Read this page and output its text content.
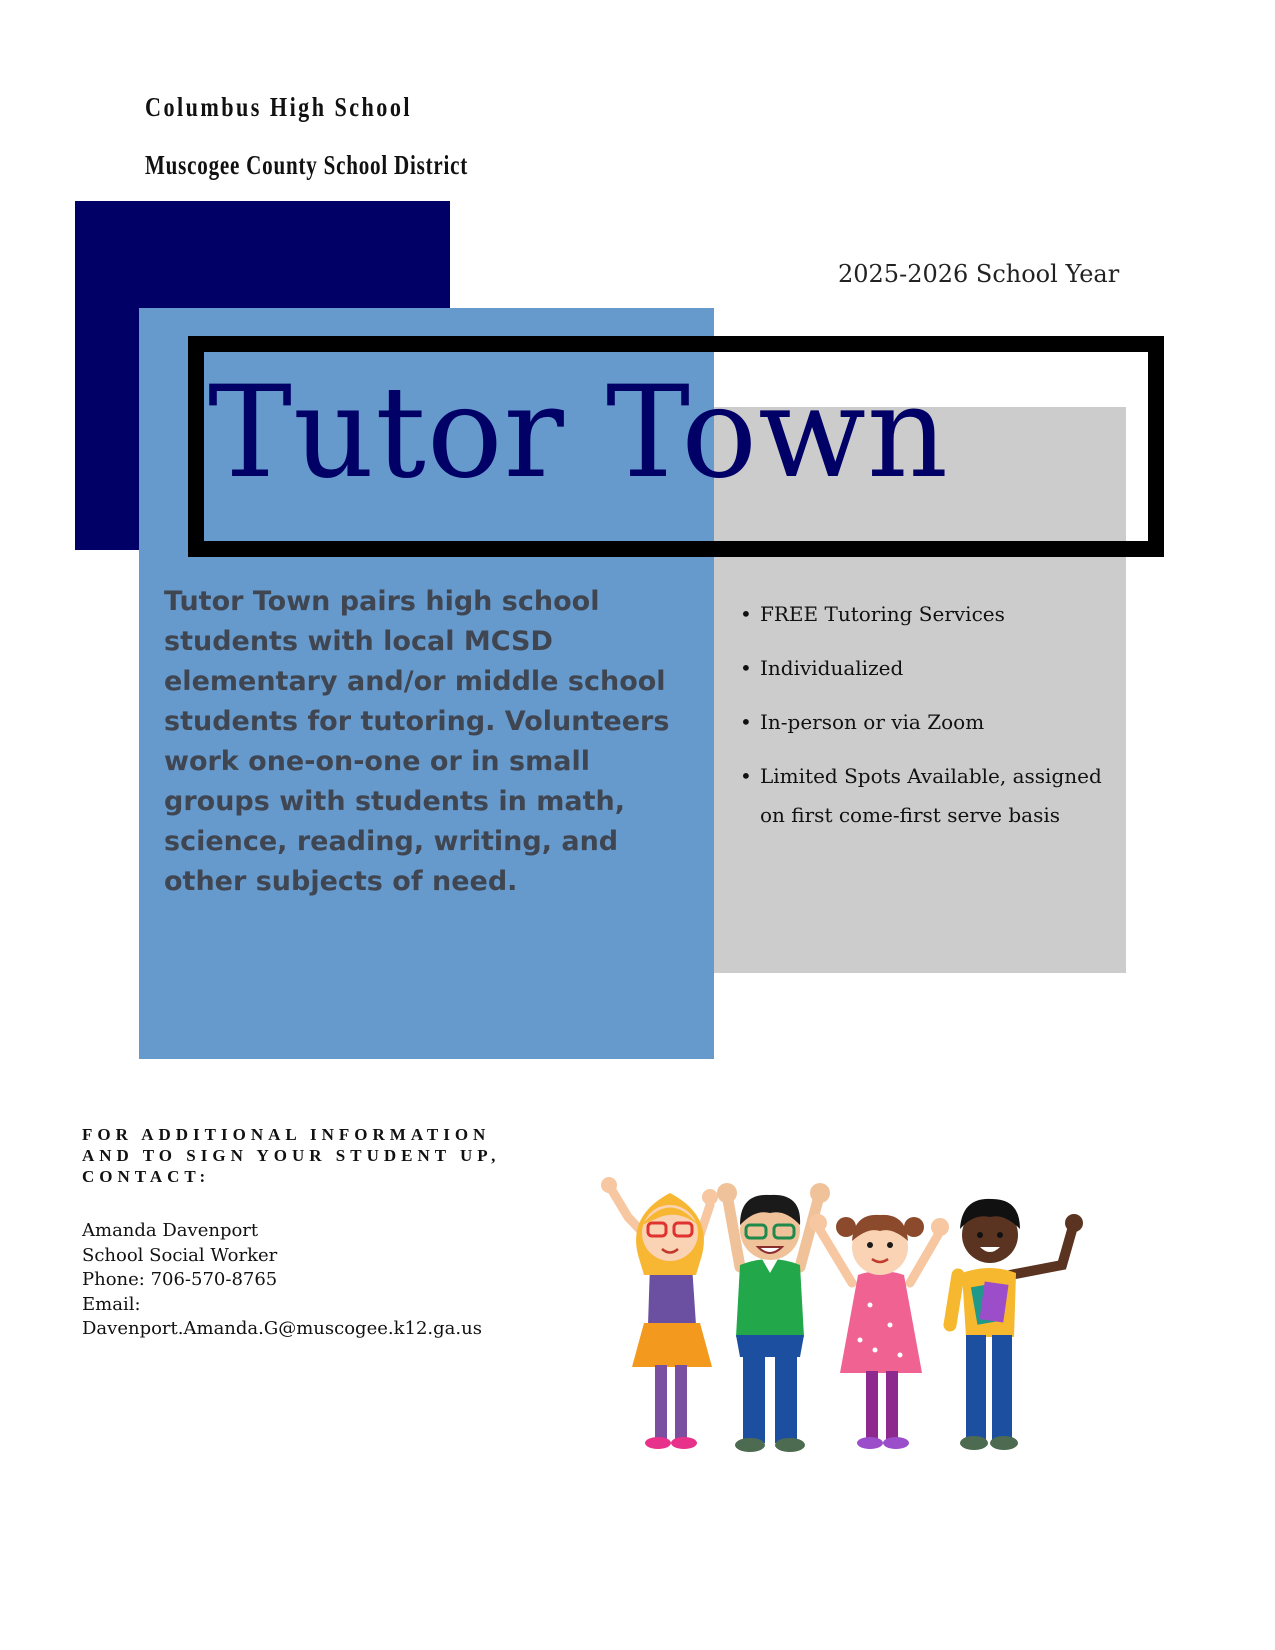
Columbus High School
Muscogee County School District
2025-2026 School Year
Tutor Town
Tutor Town pairs high school students with local MCSD elementary and/or middle school students for tutoring. Volunteers work one-on-one or in small groups with students in math, science, reading, writing, and other subjects of need.
• FREE Tutoring Services
• Individualized
• In-person or via Zoom
• Limited Spots Available, assigned on first come-first serve basis
FOR ADDITIONAL INFORMATION
AND TO SIGN YOUR STUDENT UP,
CONTACT:
Amanda Davenport
School Social Worker
Phone: 706-570-8765
Email:
Davenport.Amanda.G@muscogee.k12.ga.us
